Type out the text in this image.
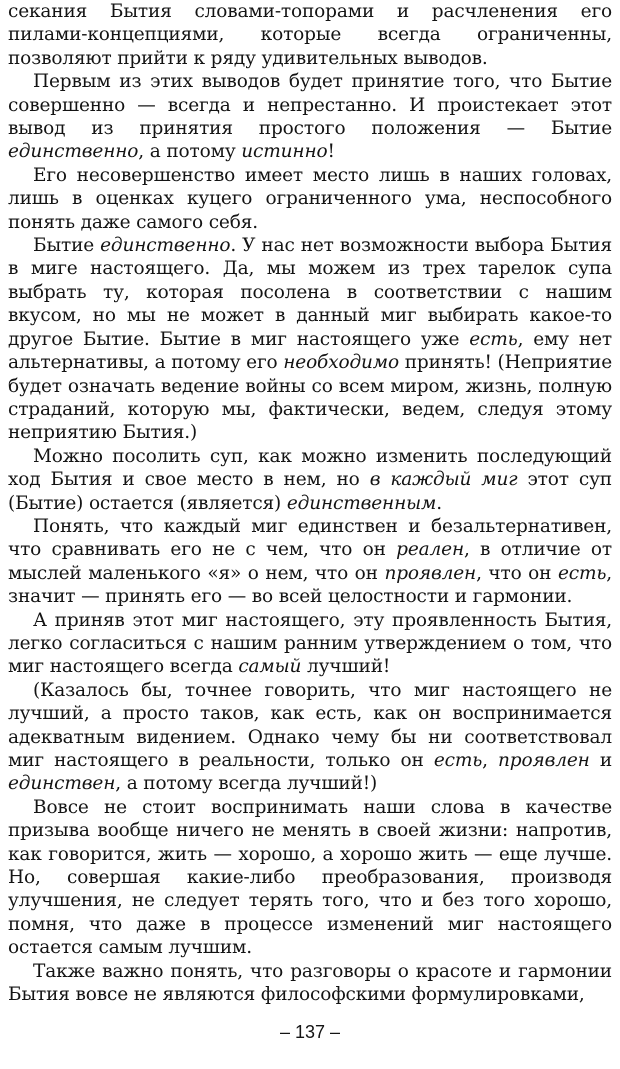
секания Бытия словами-топорами и расчленения его пилами-концепциями, которые всегда ограниченны, позволяют прийти к ряду удивительных выводов.

Первым из этих выводов будет принятие того, что Бытие совершенно — всегда и непрестанно. И проистекает этот вывод из принятия простого положения — Бытие единственно, а потому истинно!

Его несовершенство имеет место лишь в наших головах, лишь в оценках куцего ограниченного ума, неспособного понять даже самого себя.

Бытие единственно. У нас нет возможности выбора Бытия в миге настоящего. Да, мы можем из трех тарелок супа выбрать ту, которая посолена в соответствии с нашим вкусом, но мы не может в данный миг выбирать какое-то другое Бытие. Бытие в миг настоящего уже есть, ему нет альтернативы, а потому его необходимо принять! (Неприятие будет означать ведение войны со всем миром, жизнь, полную страданий, которую мы, фактически, ведем, следуя этому неприятию Бытия.)

Можно посолить суп, как можно изменить последующий ход Бытия и свое место в нем, но в каждый миг этот суп (Бытие) остается (является) единственным.

Понять, что каждый миг единствен и безальтернативен, что сравнивать его не с чем, что он реален, в отличие от мыслей маленького «я» о нем, что он проявлен, что он есть, значит — принять его — во всей целостности и гармонии.

А приняв этот миг настоящего, эту проявленность Бытия, легко согласиться с нашим ранним утверждением о том, что миг настоящего всегда самый лучший!

(Казалось бы, точнее говорить, что миг настоящего не лучший, а просто таков, как есть, как он воспринимается адекватным видением. Однако чему бы ни соответствовал миг настоящего в реальности, только он есть, проявлен и единствен, а потому всегда лучший!)

Вовсе не стоит воспринимать наши слова в качестве призыва вообще ничего не менять в своей жизни: напротив, как говорится, жить — хорошо, а хорошо жить — еще лучше. Но, совершая какие-либо преобразования, производя улучшения, не следует терять того, что и без того хорошо, помня, что даже в процессе изменений миг настоящего остается самым лучшим.

Также важно понять, что разговоры о красоте и гармонии Бытия вовсе не являются философскими формулировками,

– 137 –
